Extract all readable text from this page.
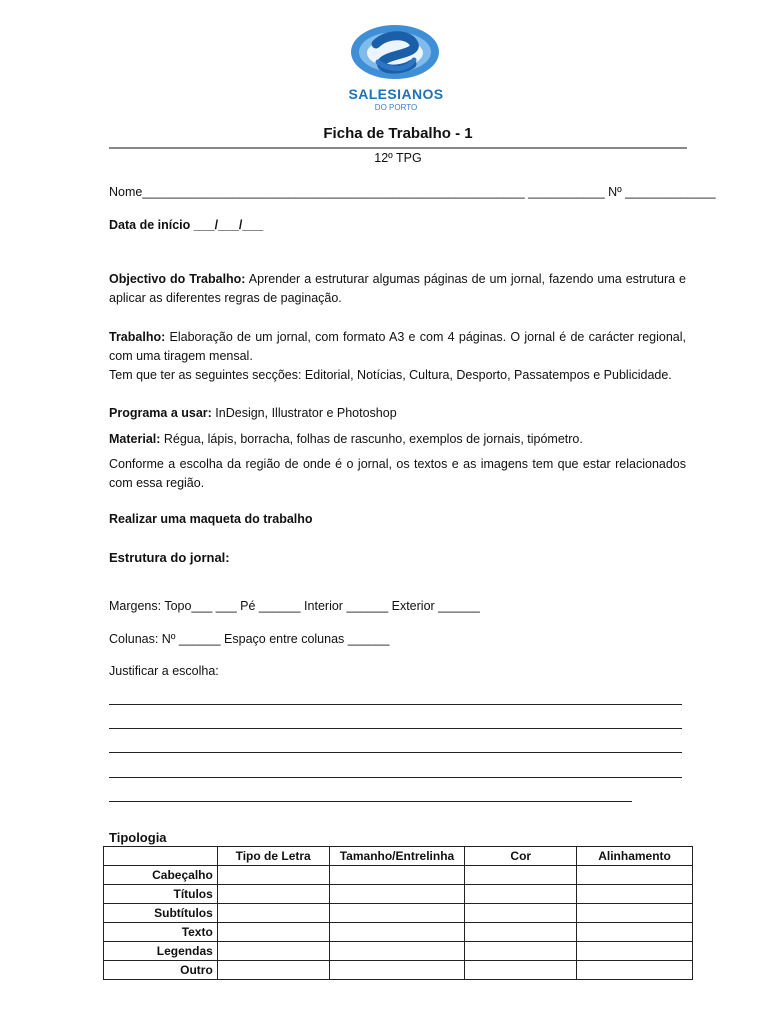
SALESIANOS
DO PORTO
Ficha de Trabalho - 1
12º TPG
Nome_______________________________________________________ ___________ Nº _____________
Data de início ___/___/___

Objectivo do Trabalho: Aprender a estruturar algumas páginas de um jornal, fazendo uma estrutura e aplicar as diferentes regras de paginação.

Trabalho: Elaboração de um jornal, com formato A3 e com 4 páginas. O jornal é de carácter regional, com uma tiragem mensal.

Tem que ter as seguintes secções: Editorial, Notícias, Cultura, Desporto, Passatempos e Publicidade.

Programa a usar: InDesign, Illustrator e Photoshop

Material: Régua, lápis, borracha, folhas de rascunho, exemplos de jornais, tipómetro.

Conforme a escolha da região de onde é o jornal, os textos e as imagens tem que estar relacionados com essa região.
Realizar uma maqueta do trabalho
Estrutura do jornal:
Margens: Topo___ ___ Pé ______ Interior ______ Exterior ______
Colunas: Nº ______ Espaço entre colunas ______
Justificar a escolha:
Tipologia
	Tipo de Letra	Tamanho/Entrelinha	Cor	Alinhamento
Cabeçalho				
Títulos				
Subtítulos				
Texto				
Legendas				
Outro				
